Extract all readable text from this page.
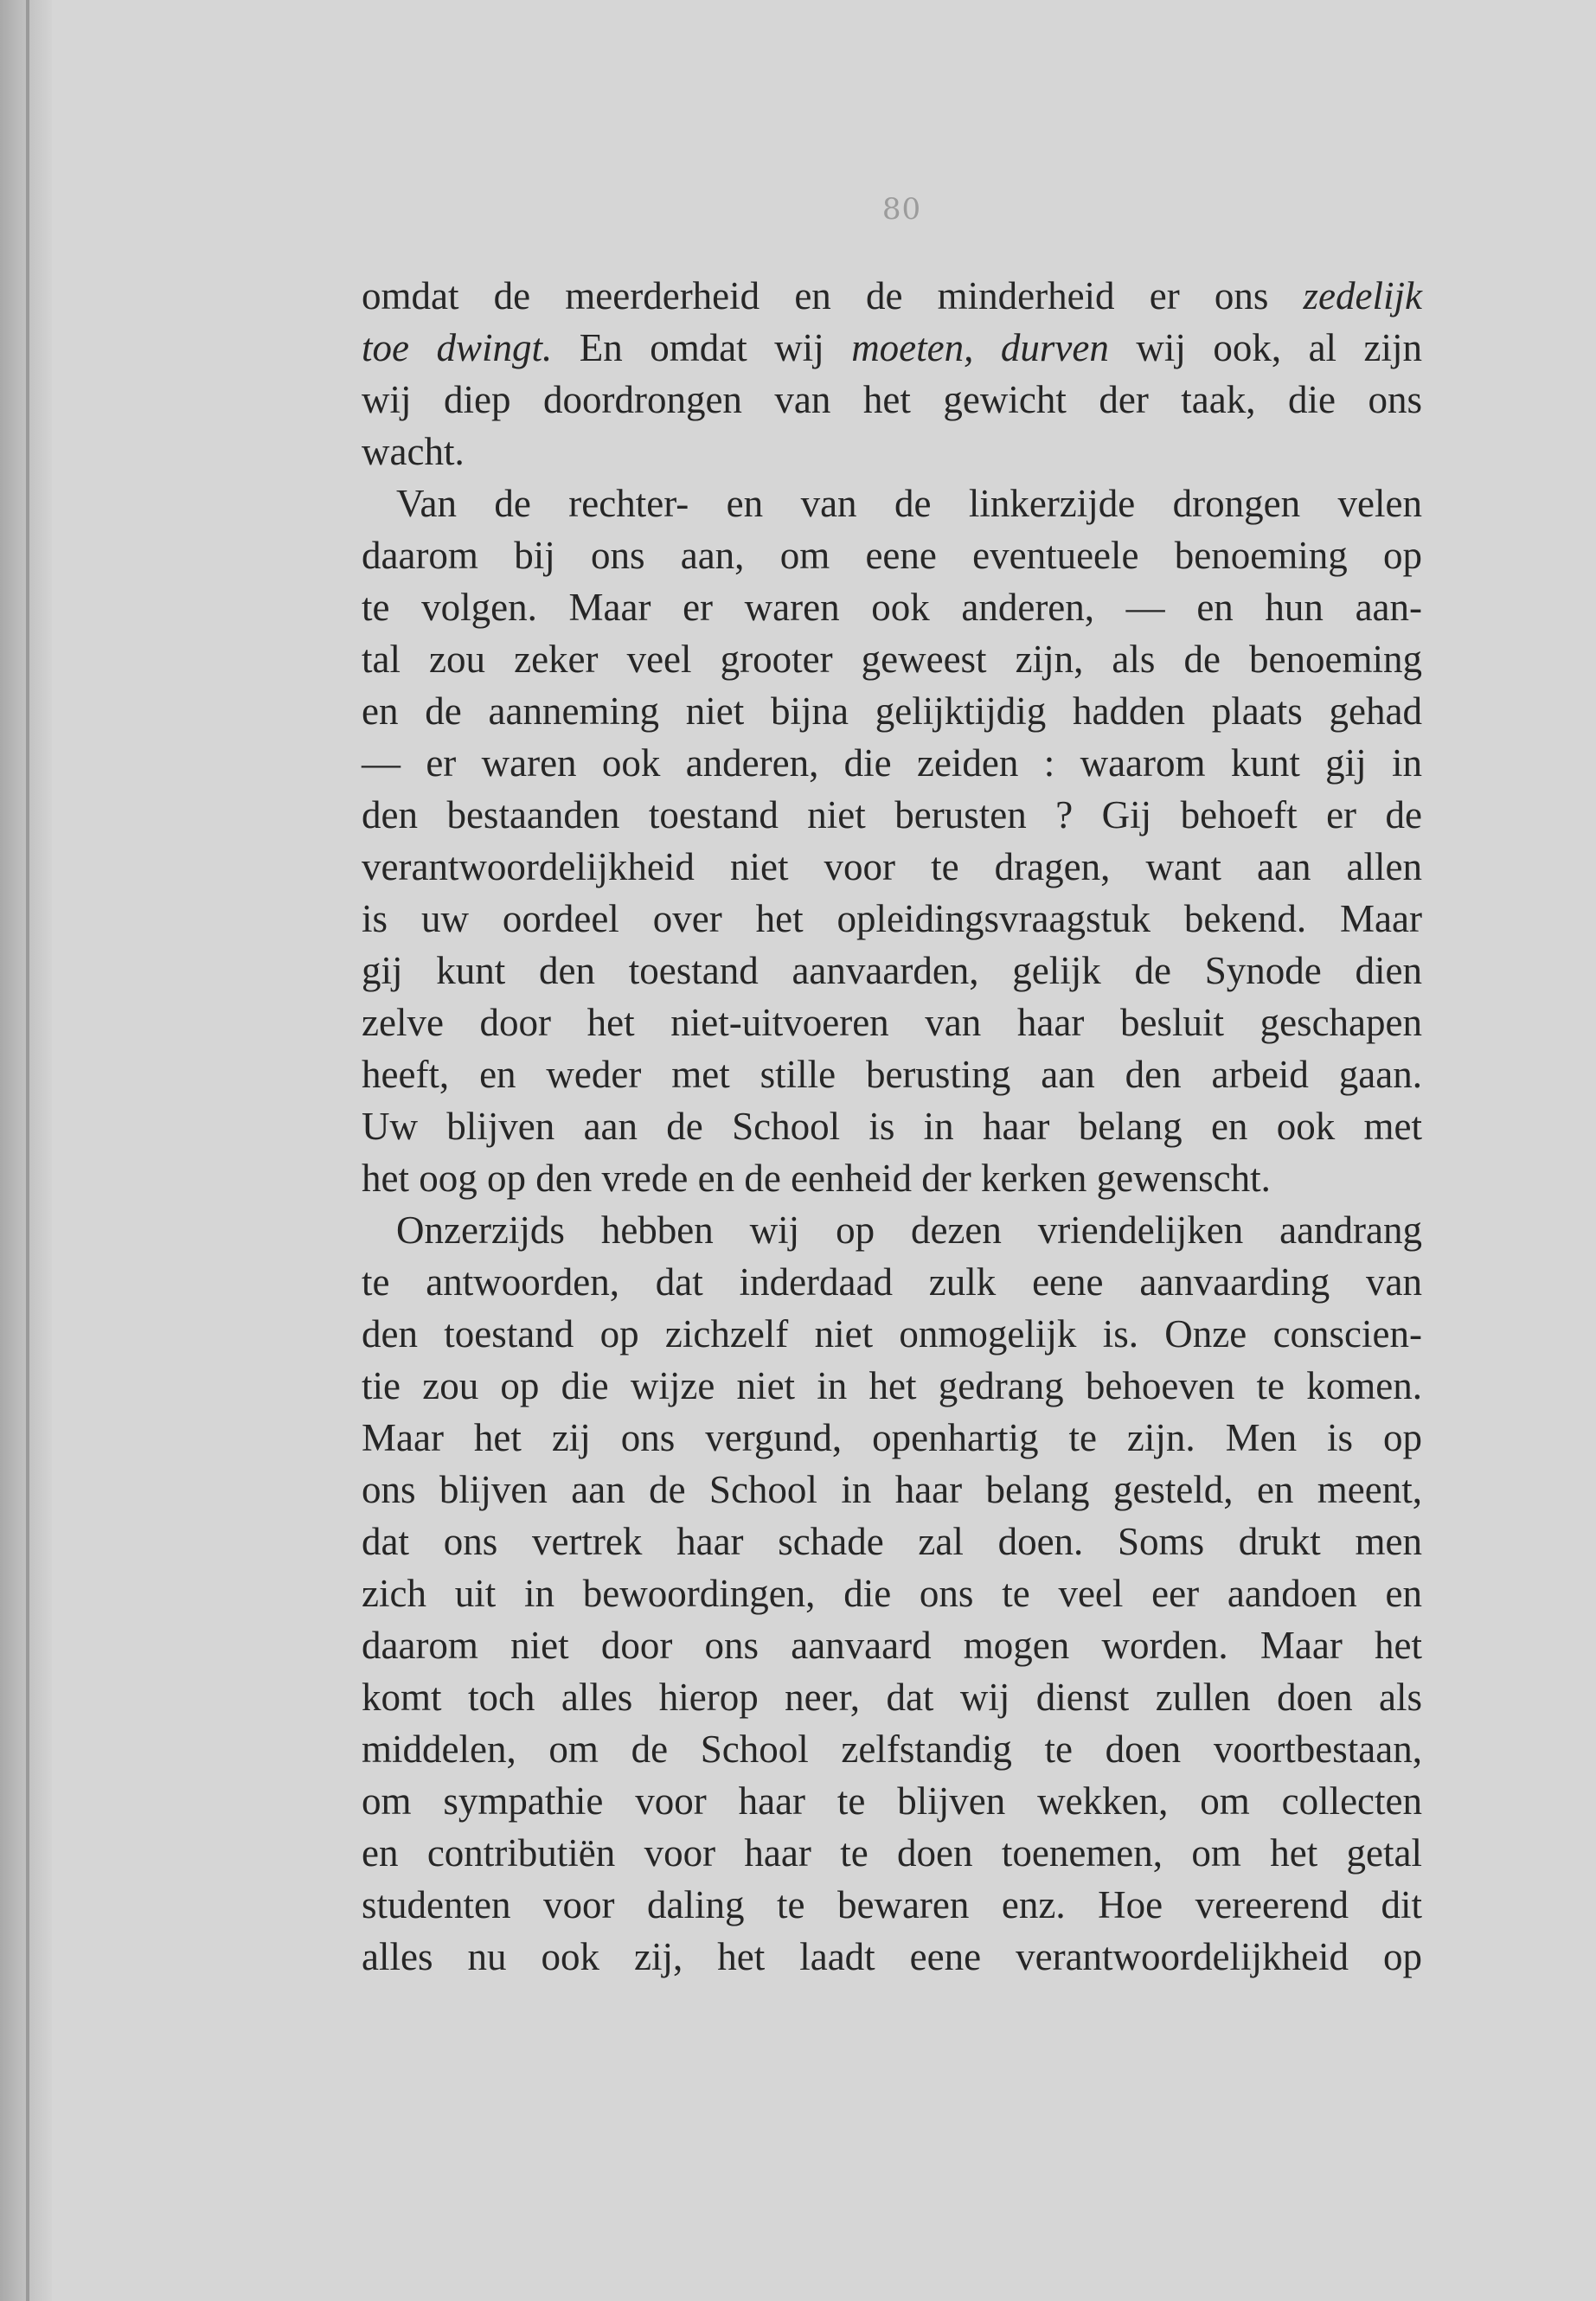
80
omdat de meerderheid en de minderheid er ons zedelijk
toe dwingt. En omdat wij moeten, durven wij ook, al zijn
wij diep doordrongen van het gewicht der taak, die ons
wacht.
Van de rechter- en van de linkerzijde drongen velen
daarom bij ons aan, om eene eventueele benoeming op
te volgen. Maar er waren ook anderen, — en hun aan-
tal zou zeker veel grooter geweest zijn, als de benoeming
en de aanneming niet bijna gelijktijdig hadden plaats gehad
— er waren ook anderen, die zeiden : waarom kunt gij in
den bestaanden toestand niet berusten ? Gij behoeft er de
verantwoordelijkheid niet voor te dragen, want aan allen
is uw oordeel over het opleidingsvraagstuk bekend. Maar
gij kunt den toestand aanvaarden, gelijk de Synode dien
zelve door het niet-uitvoeren van haar besluit geschapen
heeft, en weder met stille berusting aan den arbeid gaan.
Uw blijven aan de School is in haar belang en ook met
het oog op den vrede en de eenheid der kerken gewenscht.
Onzerzijds hebben wij op dezen vriendelijken aandrang
te antwoorden, dat inderdaad zulk eene aanvaarding van
den toestand op zichzelf niet onmogelijk is. Onze conscien-
tie zou op die wijze niet in het gedrang behoeven te komen.
Maar het zij ons vergund, openhartig te zijn. Men is op
ons blijven aan de School in haar belang gesteld, en meent,
dat ons vertrek haar schade zal doen. Soms drukt men
zich uit in bewoordingen, die ons te veel eer aandoen en
daarom niet door ons aanvaard mogen worden. Maar het
komt toch alles hierop neer, dat wij dienst zullen doen als
middelen, om de School zelfstandig te doen voortbestaan,
om sympathie voor haar te blijven wekken, om collecten
en contributiën voor haar te doen toenemen, om het getal
studenten voor daling te bewaren enz. Hoe vereerend dit
alles nu ook zij, het laadt eene verantwoordelijkheid op
